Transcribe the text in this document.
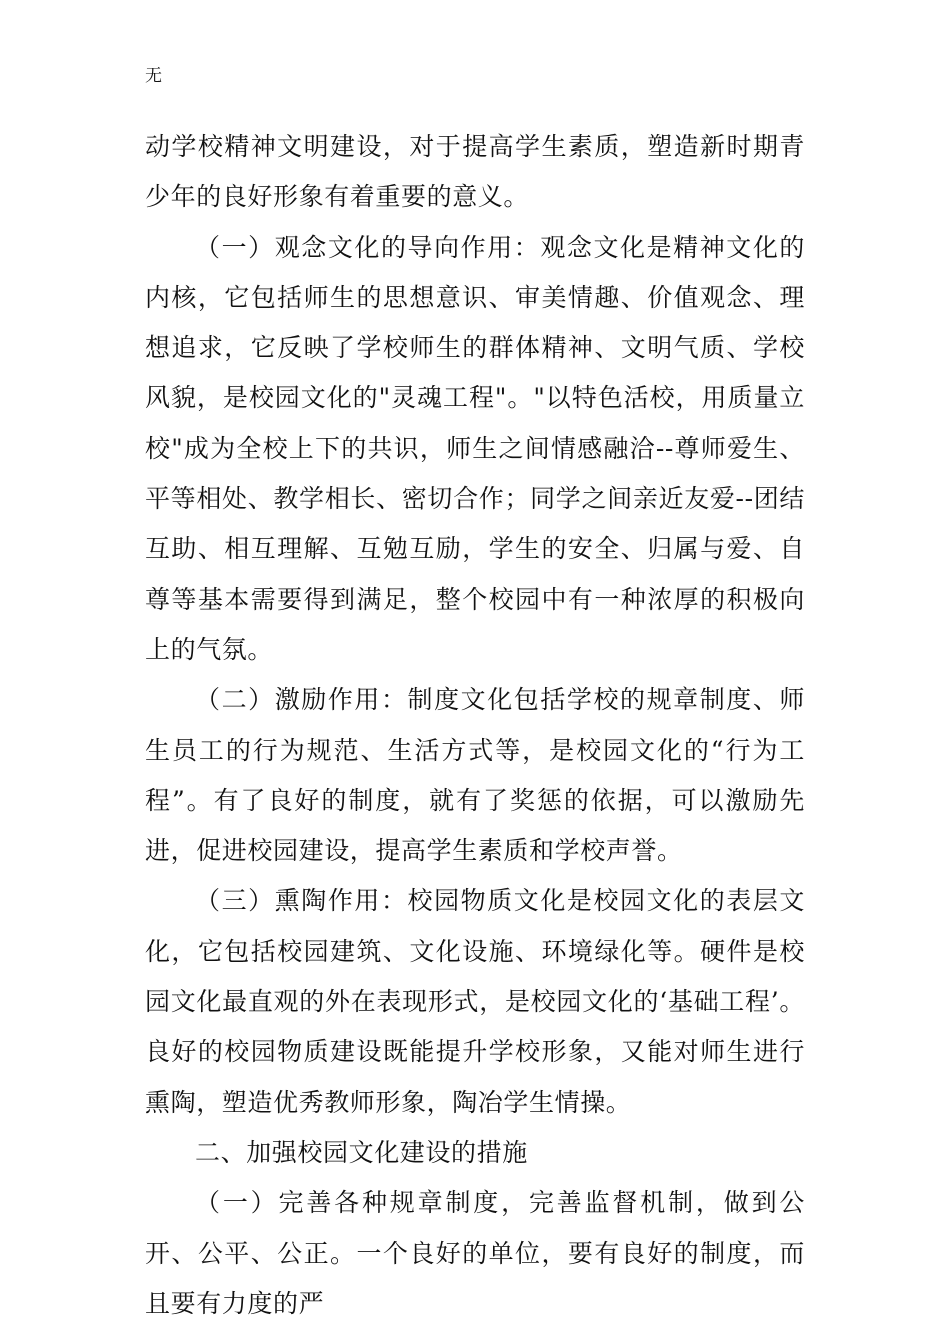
无

动学校精神文明建设，对于提高学生素质，塑造新时期青少年的良好形象有着重要的意义。

（一）观念文化的导向作用：观念文化是精神文化的内核，它包括师生的思想意识、审美情趣、价值观念、理想追求，它反映了学校师生的群体精神、文明气质、学校风貌，是校园文化的"灵魂工程"。"以特色活校，用质量立校"成为全校上下的共识，师生之间情感融洽--尊师爱生、平等相处、教学相长、密切合作；同学之间亲近友爱--团结互助、相互理解、互勉互励，学生的安全、归属与爱、自尊等基本需要得到满足，整个校园中有一种浓厚的积极向上的气氛。

（二）激励作用：制度文化包括学校的规章制度、师生员工的行为规范、生活方式等，是校园文化的“行为工程”。有了良好的制度，就有了奖惩的依据，可以激励先进，促进校园建设，提高学生素质和学校声誉。

（三）熏陶作用：校园物质文化是校园文化的表层文化，它包括校园建筑、文化设施、环境绿化等。硬件是校园文化最直观的外在表现形式，是校园文化的‘基础工程’。良好的校园物质建设既能提升学校形象，又能对师生进行熏陶，塑造优秀教师形象，陶冶学生情操。

二、加强校园文化建设的措施

（一）完善各种规章制度，完善监督机制，做到公开、公平、公正。一个良好的单位，要有良好的制度，而且要有力度的严
